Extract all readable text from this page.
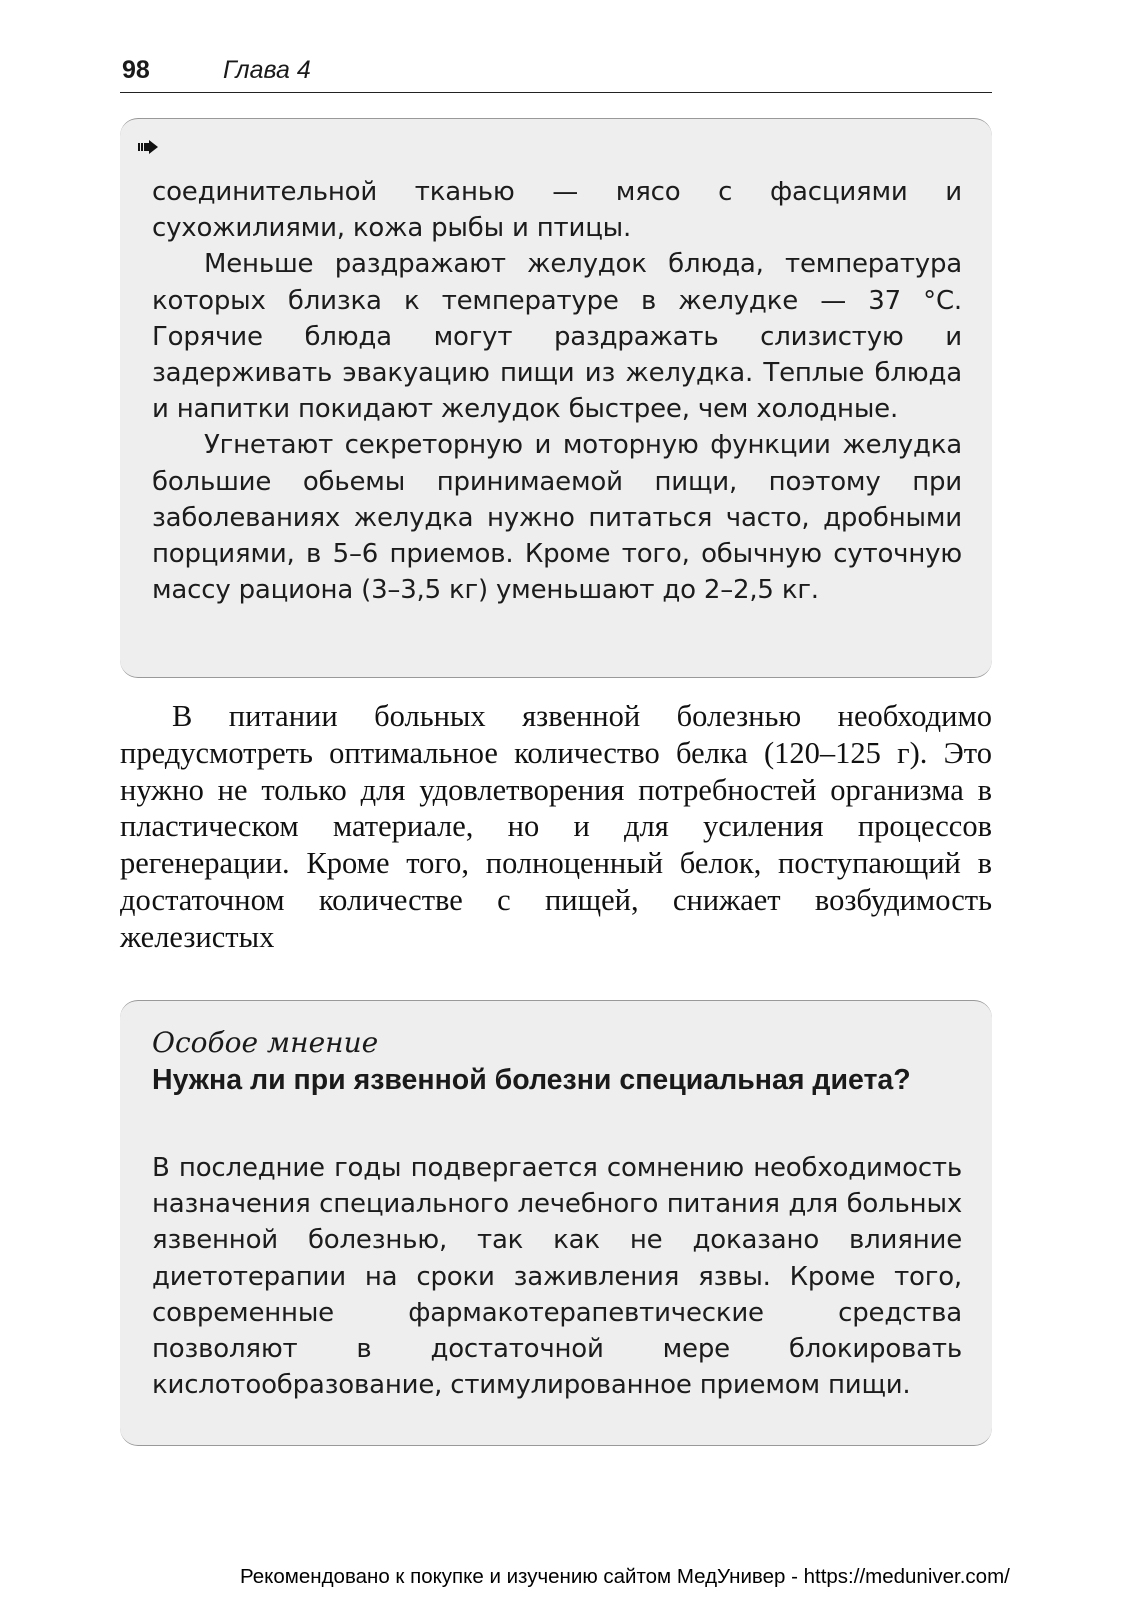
98	Глава 4

соединительной тканью — мясо с фасциями и сухожилиями, кожа рыбы и птицы.

Меньше раздражают желудок блюда, температура которых близка к температуре в желудке — 37 °С. Горячие блюда могут раздражать слизистую и задерживать эвакуацию пищи из желудка. Теплые блюда и напитки покидают желудок быстрее, чем холодные.

Угнетают секреторную и моторную функции желудка большие обьемы принимаемой пищи, поэтому при заболеваниях желудка нужно питаться часто, дробными порциями, в 5–6 приемов. Кроме того, обычную суточную массу рациона (3–3,5 кг) уменьшают до 2–2,5 кг.

В питании больных язвенной болезнью необходимо предусмотреть оптимальное количество белка (120–125 г). Это нужно не только для удовлетворения потребностей организма в пластическом материале, но и для усиления процессов регенерации. Кроме того, полноценный белок, поступающий в достаточном количестве с пищей, снижает возбудимость железистых

Особое мнение
Нужна ли при язвенной болезни специальная диета?

В последние годы подвергается сомнению необходимость назначения специального лечебного питания для больных язвенной болезнью, так как не доказано влияние диетотерапии на сроки заживления язвы. Кроме того, современные фармакотерапевтические средства позволяют в достаточной мере блокировать кислотообразование, стимулированное приемом пищи.

Рекомендовано к покупке и изучению сайтом МедУнивер - https://meduniver.com/
